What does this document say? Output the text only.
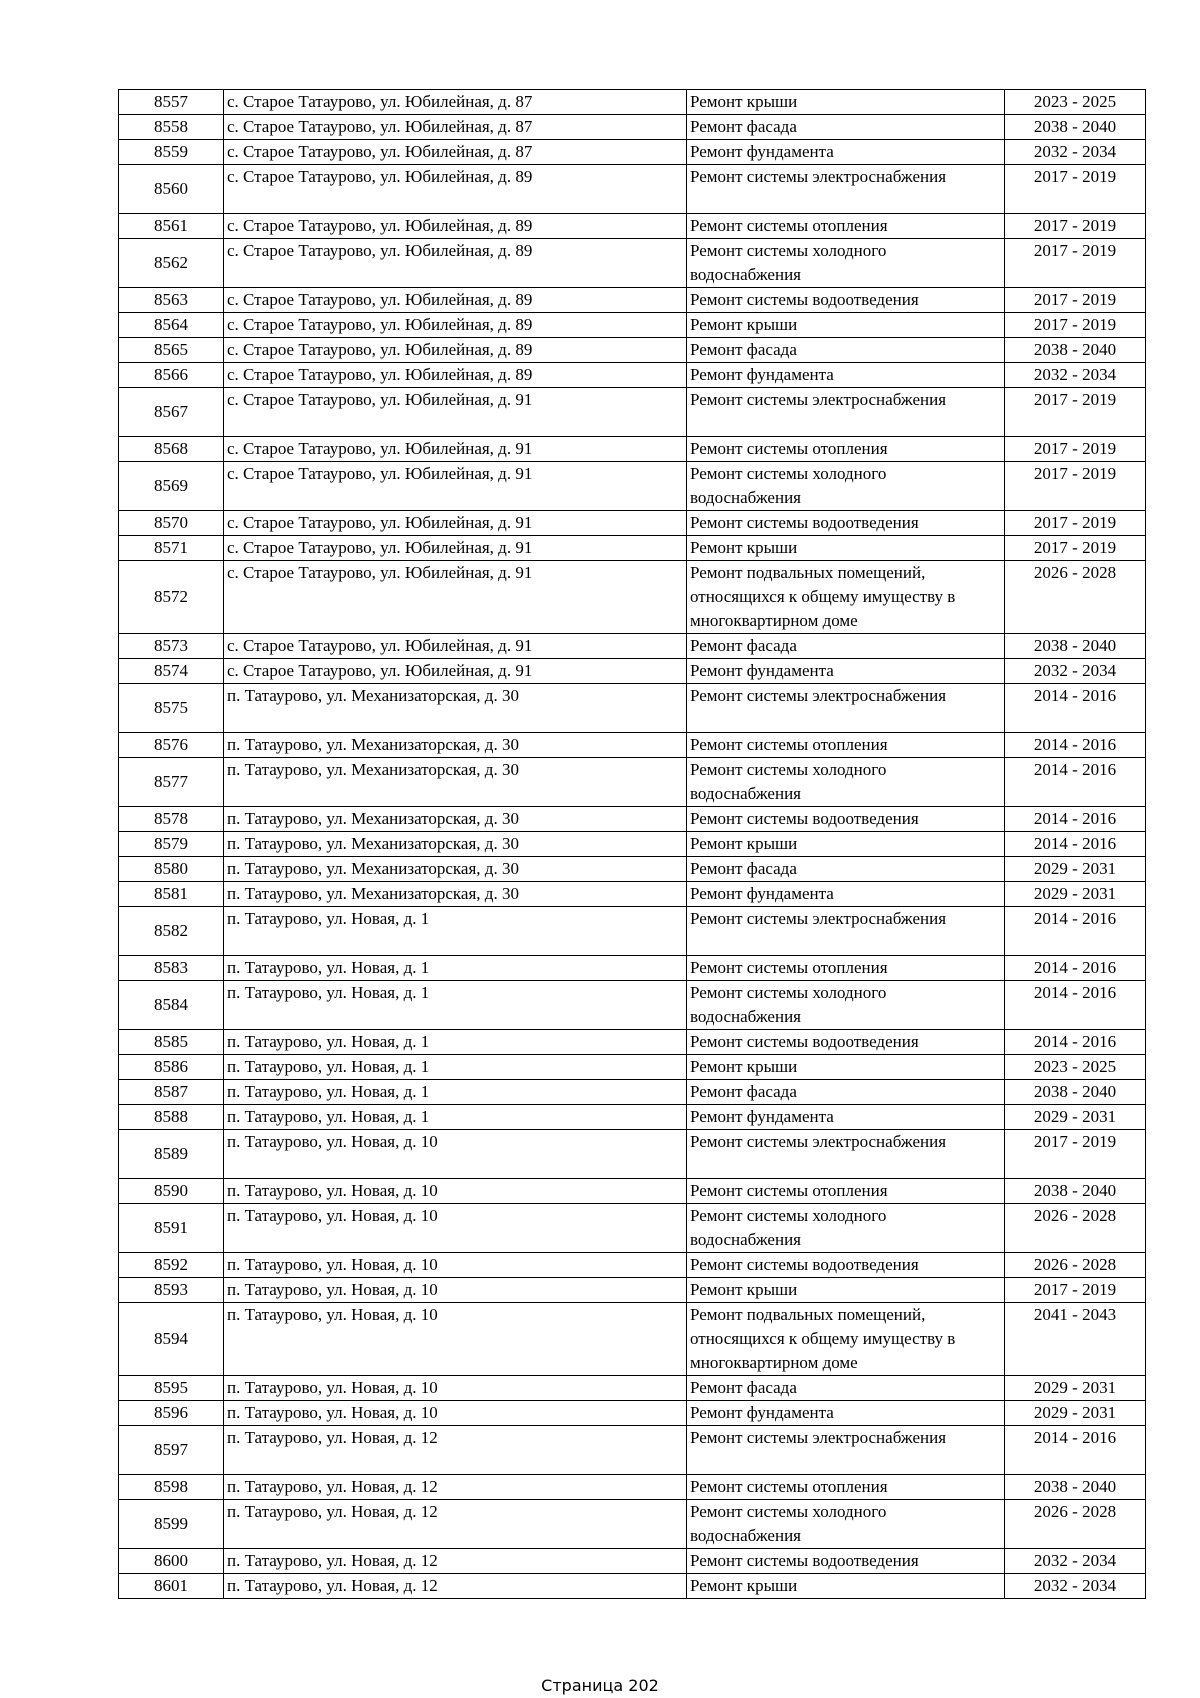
8557	с. Старое Татаурово, ул. Юбилейная, д. 87	Ремонт крыши	2023 - 2025
8558	с. Старое Татаурово, ул. Юбилейная, д. 87	Ремонт фасада	2038 - 2040
8559	с. Старое Татаурово, ул. Юбилейная, д. 87	Ремонт фундамента	2032 - 2034
8560	с. Старое Татаурово, ул. Юбилейная, д. 89	Ремонт системы электроснабжения	2017 - 2019
8561	с. Старое Татаурово, ул. Юбилейная, д. 89	Ремонт системы отопления	2017 - 2019
8562	с. Старое Татаурово, ул. Юбилейная, д. 89	Ремонт системы холодного водоснабжения	2017 - 2019
8563	с. Старое Татаурово, ул. Юбилейная, д. 89	Ремонт системы водоотведения	2017 - 2019
8564	с. Старое Татаурово, ул. Юбилейная, д. 89	Ремонт крыши	2017 - 2019
8565	с. Старое Татаурово, ул. Юбилейная, д. 89	Ремонт фасада	2038 - 2040
8566	с. Старое Татаурово, ул. Юбилейная, д. 89	Ремонт фундамента	2032 - 2034
8567	с. Старое Татаурово, ул. Юбилейная, д. 91	Ремонт системы электроснабжения	2017 - 2019
8568	с. Старое Татаурово, ул. Юбилейная, д. 91	Ремонт системы отопления	2017 - 2019
8569	с. Старое Татаурово, ул. Юбилейная, д. 91	Ремонт системы холодного водоснабжения	2017 - 2019
8570	с. Старое Татаурово, ул. Юбилейная, д. 91	Ремонт системы водоотведения	2017 - 2019
8571	с. Старое Татаурово, ул. Юбилейная, д. 91	Ремонт крыши	2017 - 2019
8572	с. Старое Татаурово, ул. Юбилейная, д. 91	Ремонт подвальных помещений, относящихся к общему имуществу в многоквартирном доме	2026 - 2028
8573	с. Старое Татаурово, ул. Юбилейная, д. 91	Ремонт фасада	2038 - 2040
8574	с. Старое Татаурово, ул. Юбилейная, д. 91	Ремонт фундамента	2032 - 2034
8575	п. Татаурово, ул. Механизаторская, д. 30	Ремонт системы электроснабжения	2014 - 2016
8576	п. Татаурово, ул. Механизаторская, д. 30	Ремонт системы отопления	2014 - 2016
8577	п. Татаурово, ул. Механизаторская, д. 30	Ремонт системы холодного водоснабжения	2014 - 2016
8578	п. Татаурово, ул. Механизаторская, д. 30	Ремонт системы водоотведения	2014 - 2016
8579	п. Татаурово, ул. Механизаторская, д. 30	Ремонт крыши	2014 - 2016
8580	п. Татаурово, ул. Механизаторская, д. 30	Ремонт фасада	2029 - 2031
8581	п. Татаурово, ул. Механизаторская, д. 30	Ремонт фундамента	2029 - 2031
8582	п. Татаурово, ул. Новая, д. 1	Ремонт системы электроснабжения	2014 - 2016
8583	п. Татаурово, ул. Новая, д. 1	Ремонт системы отопления	2014 - 2016
8584	п. Татаурово, ул. Новая, д. 1	Ремонт системы холодного водоснабжения	2014 - 2016
8585	п. Татаурово, ул. Новая, д. 1	Ремонт системы водоотведения	2014 - 2016
8586	п. Татаурово, ул. Новая, д. 1	Ремонт крыши	2023 - 2025
8587	п. Татаурово, ул. Новая, д. 1	Ремонт фасада	2038 - 2040
8588	п. Татаурово, ул. Новая, д. 1	Ремонт фундамента	2029 - 2031
8589	п. Татаурово, ул. Новая, д. 10	Ремонт системы электроснабжения	2017 - 2019
8590	п. Татаурово, ул. Новая, д. 10	Ремонт системы отопления	2038 - 2040
8591	п. Татаурово, ул. Новая, д. 10	Ремонт системы холодного водоснабжения	2026 - 2028
8592	п. Татаурово, ул. Новая, д. 10	Ремонт системы водоотведения	2026 - 2028
8593	п. Татаурово, ул. Новая, д. 10	Ремонт крыши	2017 - 2019
8594	п. Татаурово, ул. Новая, д. 10	Ремонт подвальных помещений, относящихся к общему имуществу в многоквартирном доме	2041 - 2043
8595	п. Татаурово, ул. Новая, д. 10	Ремонт фасада	2029 - 2031
8596	п. Татаурово, ул. Новая, д. 10	Ремонт фундамента	2029 - 2031
8597	п. Татаурово, ул. Новая, д. 12	Ремонт системы электроснабжения	2014 - 2016
8598	п. Татаурово, ул. Новая, д. 12	Ремонт системы отопления	2038 - 2040
8599	п. Татаурово, ул. Новая, д. 12	Ремонт системы холодного водоснабжения	2026 - 2028
8600	п. Татаурово, ул. Новая, д. 12	Ремонт системы водоотведения	2032 - 2034
8601	п. Татаурово, ул. Новая, д. 12	Ремонт крыши	2032 - 2034
Страница 202
